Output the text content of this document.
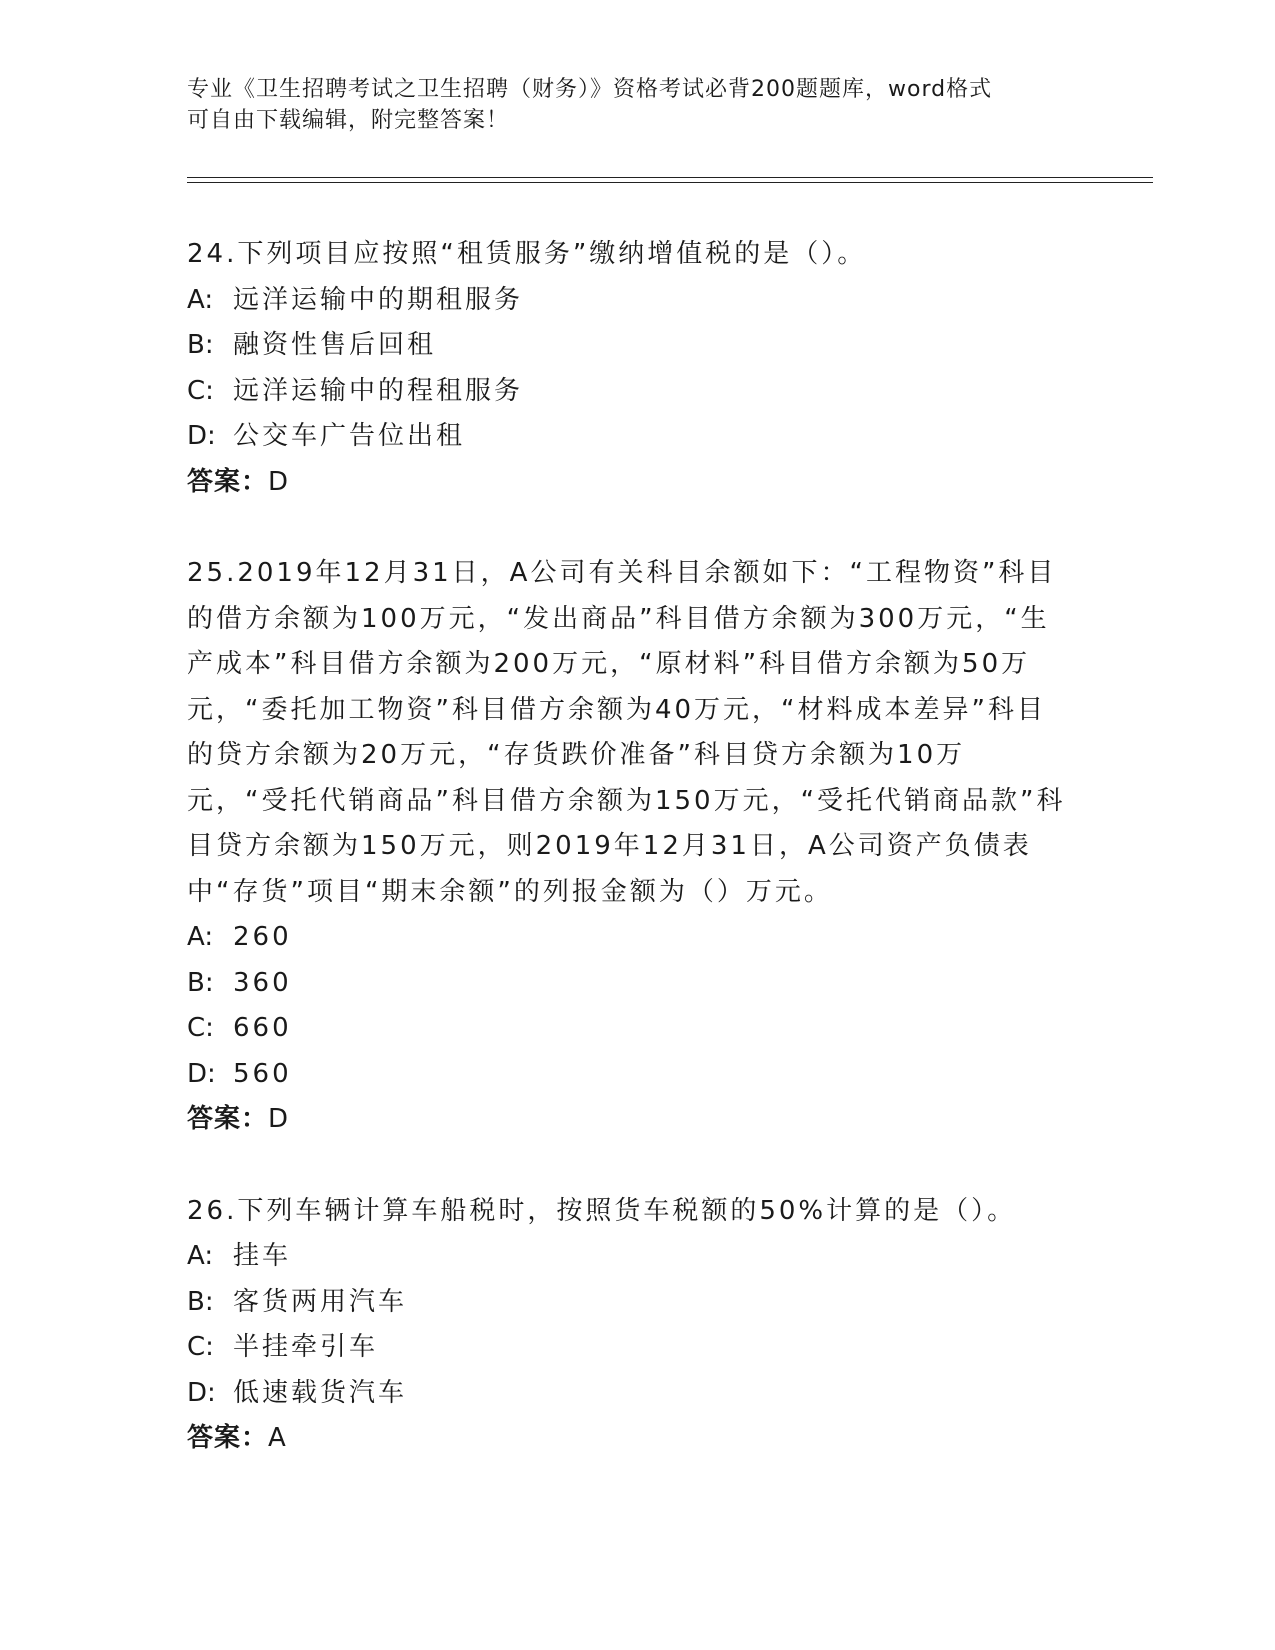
专业《卫生招聘考试之卫生招聘（财务）》资格考试必背200题题库，word格式
可自由下载编辑，附完整答案！

24.下列项目应按照“租赁服务”缴纳增值税的是（）。

A: 远洋运输中的期租服务

B: 融资性售后回租

C: 远洋运输中的程租服务

D: 公交车广告位出租

答案：D

25.2019年12月31日，A公司有关科目余额如下：“工程物资”科目的借方余额为100万元，“发出商品”科目借方余额为300万元，“生产成本”科目借方余额为200万元，“原材料”科目借方余额为50万元，“委托加工物资”科目借方余额为40万元，“材料成本差异”科目的贷方余额为20万元，“存货跌价准备”科目贷方余额为10万元，“受托代销商品”科目借方余额为150万元，“受托代销商品款”科目贷方余额为150万元，则2019年12月31日，A公司资产负债表中“存货”项目“期末余额”的列报金额为（）万元。

A: 260

B: 360

C: 660

D: 560

答案：D

26.下列车辆计算车船税时，按照货车税额的50%计算的是（）。

A: 挂车

B: 客货两用汽车

C: 半挂牵引车

D: 低速载货汽车

答案：A
